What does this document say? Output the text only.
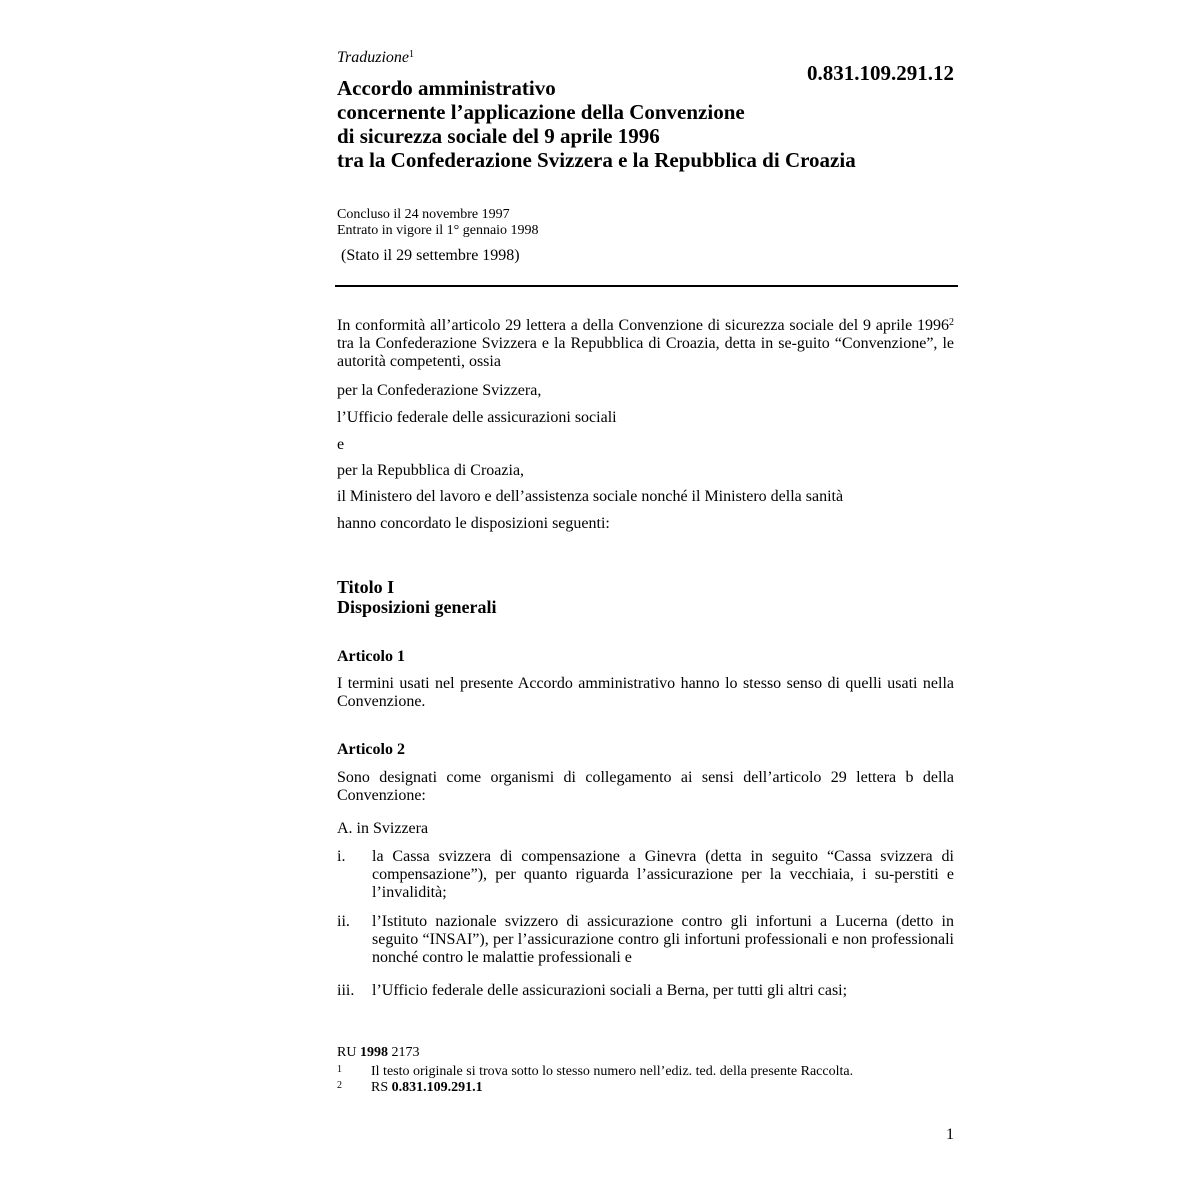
Traduzione$^1$

0.831.109.291.12

Accordo amministrativo
concernente l’applicazione della Convenzione
di sicurezza sociale del 9 aprile 1996
tra la Confederazione Svizzera e la Repubblica di Croazia
Concluso il 24 novembre 1997
Entrato in vigore il 1° gennaio 1998
(Stato il 29 settembre 1998)

In conformità all’articolo 29 lettera a della Convenzione di sicurezza sociale del 9 aprile 1996$^2$ tra la Confederazione Svizzera e la Repubblica di Croazia, detta in se-guito “Convenzione”, le autorità competenti, ossia

per la Confederazione Svizzera,
l’Ufficio federale delle assicurazioni sociali
e
per la Repubblica di Croazia,
il Ministero del lavoro e dell’assistenza sociale nonché il Ministero della sanità
hanno concordato le disposizioni seguenti:
Titolo I
Disposizioni generali
Articolo 1

I termini usati nel presente Accordo amministrativo hanno lo stesso senso di quelli usati nella Convenzione.

Articolo 2

Sono designati come organismi di collegamento ai sensi dell’articolo 29 lettera b della Convenzione:

A. in Svizzera
i.	la Cassa svizzera di compensazione a Ginevra (detta in seguito “Cassa svizzera di compensazione”), per quanto riguarda l’assicurazione per la vecchiaia, i su-perstiti e l’invalidità;
ii.	l’Istituto nazionale svizzero di assicurazione contro gli infortuni a Lucerna (detto in seguito “INSAI”), per l’assicurazione contro gli infortuni professionali e non professionali nonché contro le malattie professionali e
iii.	l’Ufficio federale delle assicurazioni sociali a Berna, per tutti gli altri casi;
RU 1998 2173
1	Il testo originale si trova sotto lo stesso numero nell’ediz. ted. della presente Raccolta.
2	RS 0.831.109.291.1
1
